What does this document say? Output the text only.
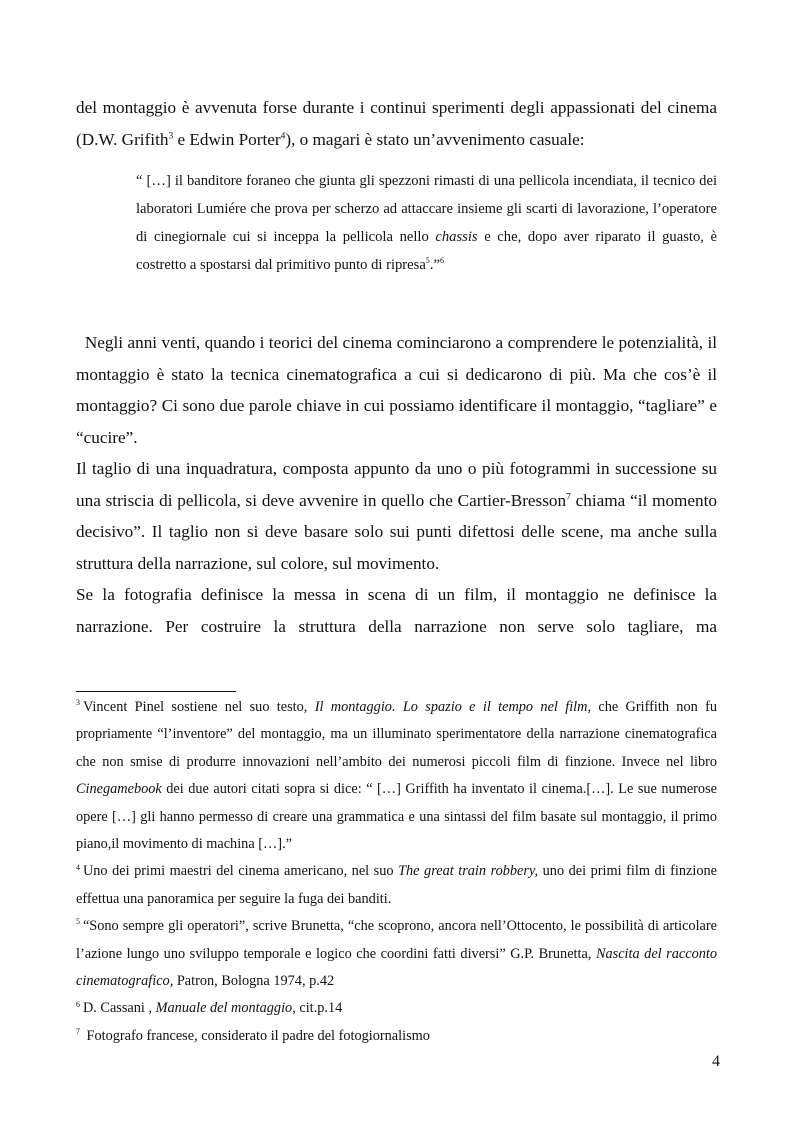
del montaggio è avvenuta forse durante i continui sperimenti degli appassionati del cinema (D.W. Grifith$^3$ e Edwin Porter$^4$), o magari è stato un’avvenimento casuale:

“ […] il banditore foraneo che giunta gli spezzoni rimasti di una pellicola incendiata, il tecnico dei laboratori Lumiére che prova per scherzo ad attaccare insieme gli scarti di lavorazione, l’operatore di cinegiornale cui si inceppa la pellicola nello chassis e che, dopo aver riparato il guasto, è costretto a spostarsi dal primitivo punto di ripresa$^5$.”$^6$

Negli anni venti, quando i teorici del cinema cominciarono a comprendere le potenzialità, il montaggio è stato la tecnica cinematografica a cui si dedicarono di più. Ma che cos’è il montaggio? Ci sono due parole chiave in cui possiamo identificare il montaggio, “tagliare” e “cucire”.

Il taglio di una inquadratura, composta appunto da uno o più fotogrammi in successione su una striscia di pellicola, si deve avvenire in quello che Cartier-Bresson$^7$ chiama “il momento decisivo”. Il taglio non si deve basare solo sui punti difettosi delle scene, ma anche sulla struttura della narrazione, sul colore, sul movimento.

Se la fotografia definisce la messa in scena di un film, il montaggio ne definisce la narrazione. Per costruire la struttura della narrazione non serve solo tagliare, ma

$^3$ Vincent Pinel sostiene nel suo testo, Il montaggio. Lo spazio e il tempo nel film, che Griffith non fu propriamente “l’inventore” del montaggio, ma un illuminato sperimentatore della narrazione cinematografica che non smise di produrre innovazioni nell’ambito dei numerosi piccoli film di finzione. Invece nel libro Cinegamebook dei due autori citati sopra si dice: “ […] Griffith ha inventato il cinema.[…]. Le sue numerose opere […] gli hanno permesso di creare una grammatica e una sintassi del film basate sul montaggio, il primo piano,il movimento di machina […].”

$^4$ Uno dei primi maestri del cinema americano, nel suo The great train robbery, uno dei primi film di finzione effettua una panoramica per seguire la fuga dei banditi.

$^5$ “Sono sempre gli operatori”, scrive Brunetta, “che scoprono, ancora nell’Ottocento, le possibilità di articolare l’azione lungo uno sviluppo temporale e logico che coordini fatti diversi” G.P. Brunetta, Nascita del racconto cinematografico, Patron, Bologna 1974, p.42

$^6$ D. Cassani , Manuale del montaggio, cit.p.14

$^7$ Fotografo francese, considerato il padre del fotogiornalismo

4
